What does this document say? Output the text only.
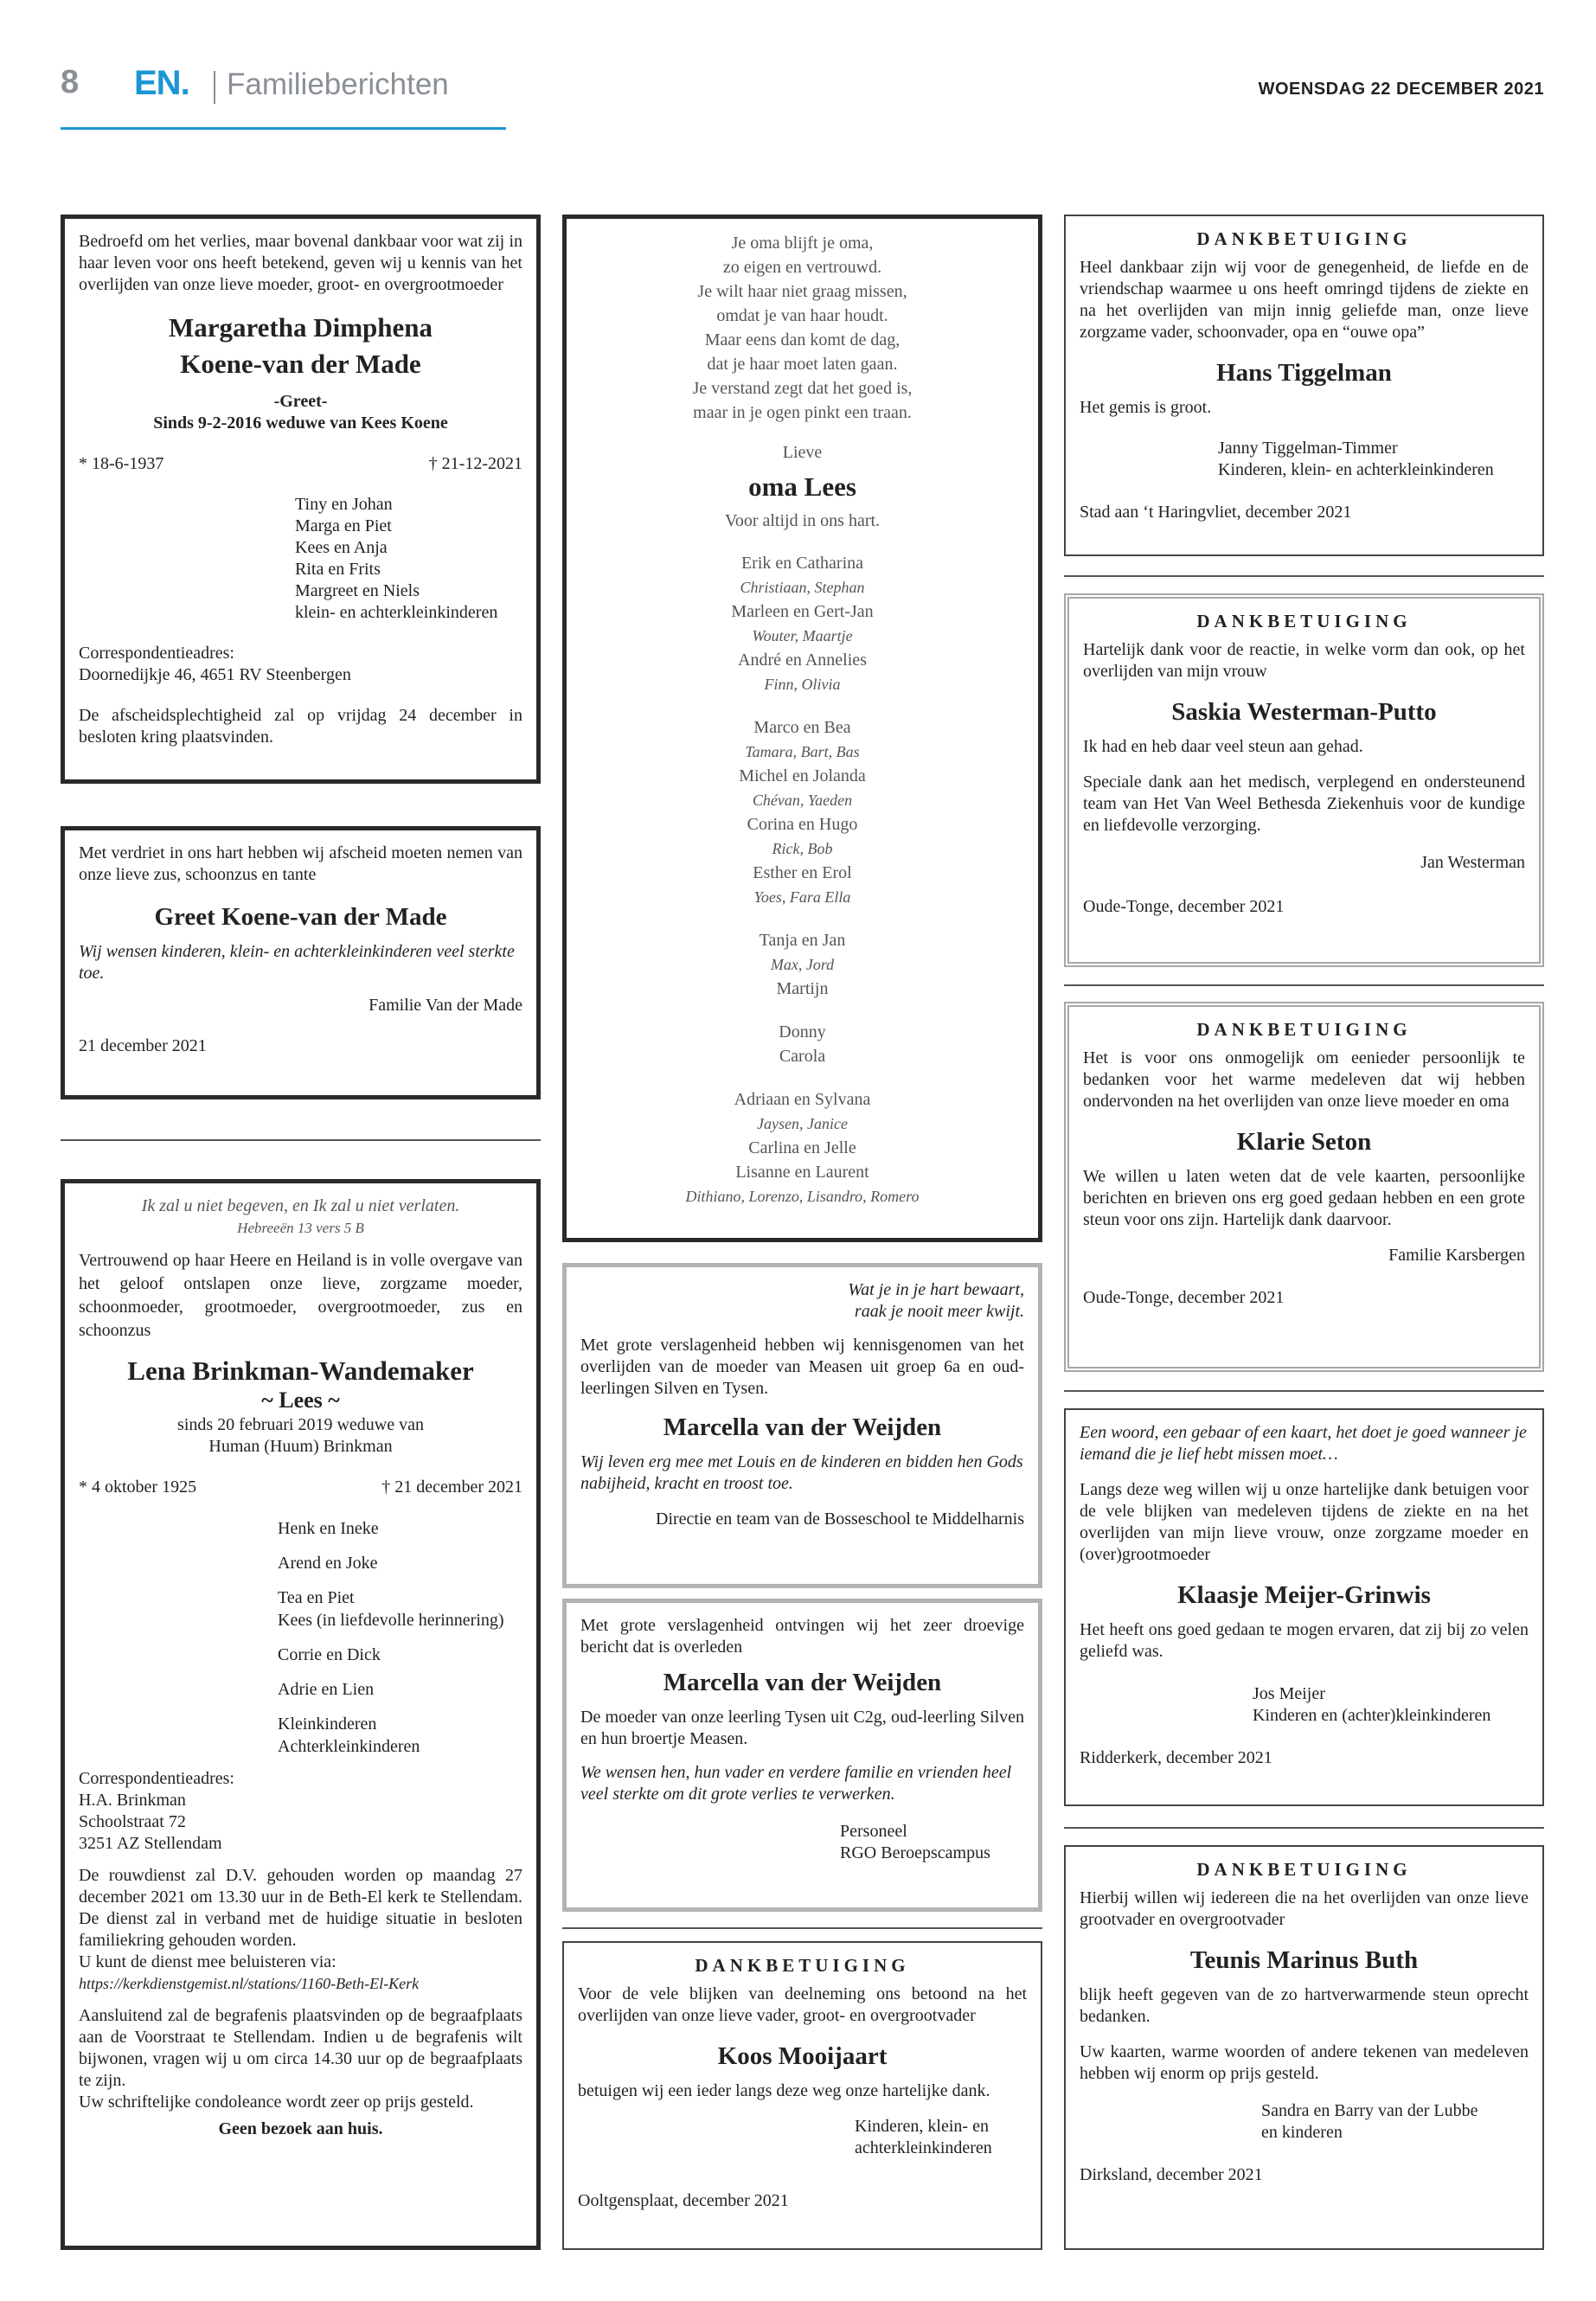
8 EN. Familieberichten	WOENSDAG 22 DECEMBER 2021
Bedroefd om het verlies, maar bovenal dankbaar voor wat zij in haar leven voor ons heeft betekend, geven wij u kennis van het overlijden van onze lieve moeder, groot- en overgrootmoeder
Margaretha Dimphena
Koene-van der Made
-Greet-
Sinds 9-2-2016 weduwe van Kees Koene
* 18-6-1937	† 21-12-2021
Tiny en Johan
Marga en Piet
Kees en Anja
Rita en Frits
Margreet en Niels
klein- en achterkleinkinderen
Correspondentieadres:
Doornedijkje 46, 4651 RV Steenbergen
De afscheidsplechtigheid zal op vrijdag 24 december in besloten kring plaatsvinden.
Met verdriet in ons hart hebben wij afscheid moeten nemen van onze lieve zus, schoonzus en tante
Greet Koene-van der Made
Wij wensen kinderen, klein- en achterkleinkinderen veel sterkte toe.
Familie Van der Made
21 december 2021
Ik zal u niet begeven, en Ik zal u niet verlaten.
Hebreeën 13 vers 5 B
Vertrouwend op haar Heere en Heiland is in volle overgave van het geloof ontslapen onze lieve, zorgzame moeder, schoonmoeder, grootmoeder, overgrootmoeder, zus en schoonzus
Lena Brinkman-Wandemaker
~ Lees ~
sinds 20 februari 2019 weduwe van
Human (Huum) Brinkman
* 4 oktober 1925	† 21 december 2021
Henk en Ineke
Arend en Joke
Tea en Piet
Kees (in liefdevolle herinnering)
Corrie en Dick
Adrie en Lien
Kleinkinderen
Achterkleinkinderen
Correspondentieadres:
H.A. Brinkman
Schoolstraat 72
3251 AZ Stellendam
De rouwdienst zal D.V. gehouden worden op maandag 27 december 2021 om 13.30 uur in de Beth-El kerk te Stellendam. De dienst zal in verband met de huidige situatie in besloten familiekring gehouden worden.
U kunt de dienst mee beluisteren via:
https://kerkdienstgemist.nl/stations/1160-Beth-El-Kerk
Aansluitend zal de begrafenis plaatsvinden op de begraafplaats aan de Voorstraat te Stellendam. Indien u de begrafenis wilt bijwonen, vragen wij u om circa 14.30 uur op de begraafplaats te zijn.
Uw schriftelijke condoleance wordt zeer op prijs gesteld.
Geen bezoek aan huis.
Je oma blijft je oma,
zo eigen en vertrouwd.
Je wilt haar niet graag missen,
omdat je van haar houdt.
Maar eens dan komt de dag,
dat je haar moet laten gaan.
Je verstand zegt dat het goed is,
maar in je ogen pinkt een traan.
Lieve
oma Lees
Voor altijd in ons hart.
Erik en Catharina
Christiaan, Stephan
Marleen en Gert-Jan
Wouter, Maartje
André en Annelies
Finn, Olivia
Marco en Bea
Tamara, Bart, Bas
Michel en Jolanda
Chévan, Yaeden
Corina en Hugo
Rick, Bob
Esther en Erol
Yoes, Fara Ella
Tanja en Jan
Max, Jord
Martijn
Donny
Carola
Adriaan en Sylvana
Jaysen, Janice
Carlina en Jelle
Lisanne en Laurent
Dithiano, Lorenzo, Lisandro, Romero
Wat je in je hart bewaart,
raak je nooit meer kwijt.
Met grote verslagenheid hebben wij kennisgenomen van het overlijden van de moeder van Measen uit groep 6a en oud-leerlingen Silven en Tysen.
Marcella van der Weijden
Wij leven erg mee met Louis en de kinderen en bidden hen Gods nabijheid, kracht en troost toe.
Directie en team van de Bosseschool te Middelharnis
Met grote verslagenheid ontvingen wij het zeer droevige bericht dat is overleden
Marcella van der Weijden
De moeder van onze leerling Tysen uit C2g, oud-leerling Silven en hun broertje Measen.
We wensen hen, hun vader en verdere familie en vrienden heel veel sterkte om dit grote verlies te verwerken.
Personeel
RGO Beroepscampus
DANKBETUIGING
Voor de vele blijken van deelneming ons betoond na het overlijden van onze lieve vader, groot- en overgrootvader
Koos Mooijaart
betuigen wij een ieder langs deze weg onze hartelijke dank.
Kinderen, klein- en
achterkleinkinderen
Ooltgensplaat, december 2021
DANKBETUIGING
Heel dankbaar zijn wij voor de genegenheid, de liefde en de vriendschap waarmee u ons heeft omringd tijdens de ziekte en na het overlijden van mijn innig geliefde man, onze lieve zorgzame vader, schoonvader, opa en “ouwe opa”
Hans Tiggelman
Het gemis is groot.
Janny Tiggelman-Timmer
Kinderen, klein- en achterkleinkinderen
Stad aan ‘t Haringvliet, december 2021
DANKBETUIGING
Hartelijk dank voor de reactie, in welke vorm dan ook, op het overlijden van mijn vrouw
Saskia Westerman-Putto
Ik had en heb daar veel steun aan gehad.
Speciale dank aan het medisch, verplegend en ondersteunend team van Het Van Weel Bethesda Ziekenhuis voor de kundige en liefdevolle verzorging.
Jan Westerman
Oude-Tonge, december 2021
DANKBETUIGING
Het is voor ons onmogelijk om eenieder persoonlijk te bedanken voor het warme medeleven dat wij hebben ondervonden na het overlijden van onze lieve moeder en oma
Klarie Seton
We willen u laten weten dat de vele kaarten, persoonlijke berichten en brieven ons erg goed gedaan hebben en een grote steun voor ons zijn. Hartelijk dank daarvoor.
Familie Karsbergen
Oude-Tonge, december 2021
Een woord, een gebaar of een kaart, het doet je goed wanneer je iemand die je lief hebt missen moet…
Langs deze weg willen wij u onze hartelijke dank betuigen voor de vele blijken van medeleven tijdens de ziekte en na het overlijden van mijn lieve vrouw, onze zorgzame moeder en (over)grootmoeder
Klaasje Meijer-Grinwis
Het heeft ons goed gedaan te mogen ervaren, dat zij bij zo velen geliefd was.
Jos Meijer
Kinderen en (achter)kleinkinderen
Ridderkerk, december 2021
DANKBETUIGING
Hierbij willen wij iedereen die na het overlijden van onze lieve grootvader en overgrootvader
Teunis Marinus Buth
blijk heeft gegeven van de zo hartverwarmende steun oprecht bedanken.
Uw kaarten, warme woorden of andere tekenen van medeleven hebben wij enorm op prijs gesteld.
Sandra en Barry van der Lubbe
en kinderen
Dirksland, december 2021
